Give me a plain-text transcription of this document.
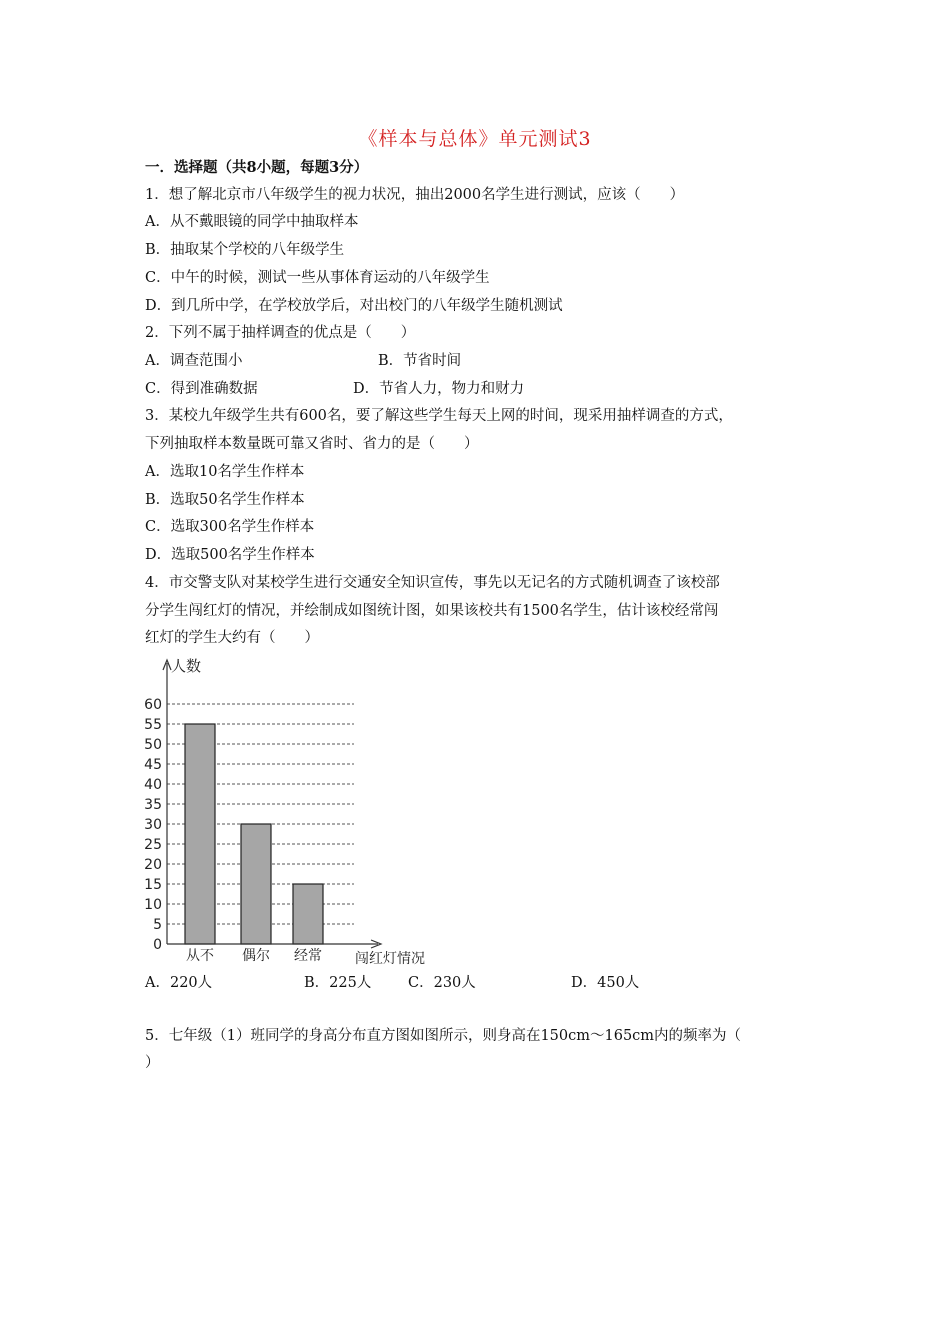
《样本与总体》单元测试3
一．选择题（共8小题，每题3分）
1．想了解北京市八年级学生的视力状况，抽出2000名学生进行测试，应该（　　）
A．从不戴眼镜的同学中抽取样本
B．抽取某个学校的八年级学生
C．中午的时候，测试一些从事体育运动的八年级学生
D．到几所中学，在学校放学后，对出校门的八年级学生随机测试
2．下列不属于抽样调查的优点是（　　）
A．调查范围小	B．节省时间
C．得到准确数据	D．节省人力，物力和财力
3．某校九年级学生共有600名，要了解这些学生每天上网的时间，现采用抽样调查的方式，
下列抽取样本数量既可靠又省时、省力的是（　　）
A．选取10名学生作样本
B．选取50名学生作样本
C．选取300名学生作样本
D．选取500名学生作样本
4．市交警支队对某校学生进行交通安全知识宣传，事先以无记名的方式随机调查了该校部
分学生闯红灯的情况，并绘制成如图统计图，如果该校共有1500名学生，估计该校经常闯
红灯的学生大约有（　　）
0
5
10
15
20
25
30
35
40
45
50
55
60
从不 偶尔 经常
人数
闯红灯情况
A．220人	B．225人	C．230人	D．450人
5．七年级（1）班同学的身高分布直方图如图所示，则身高在150cm～165cm内的频率为（
）
